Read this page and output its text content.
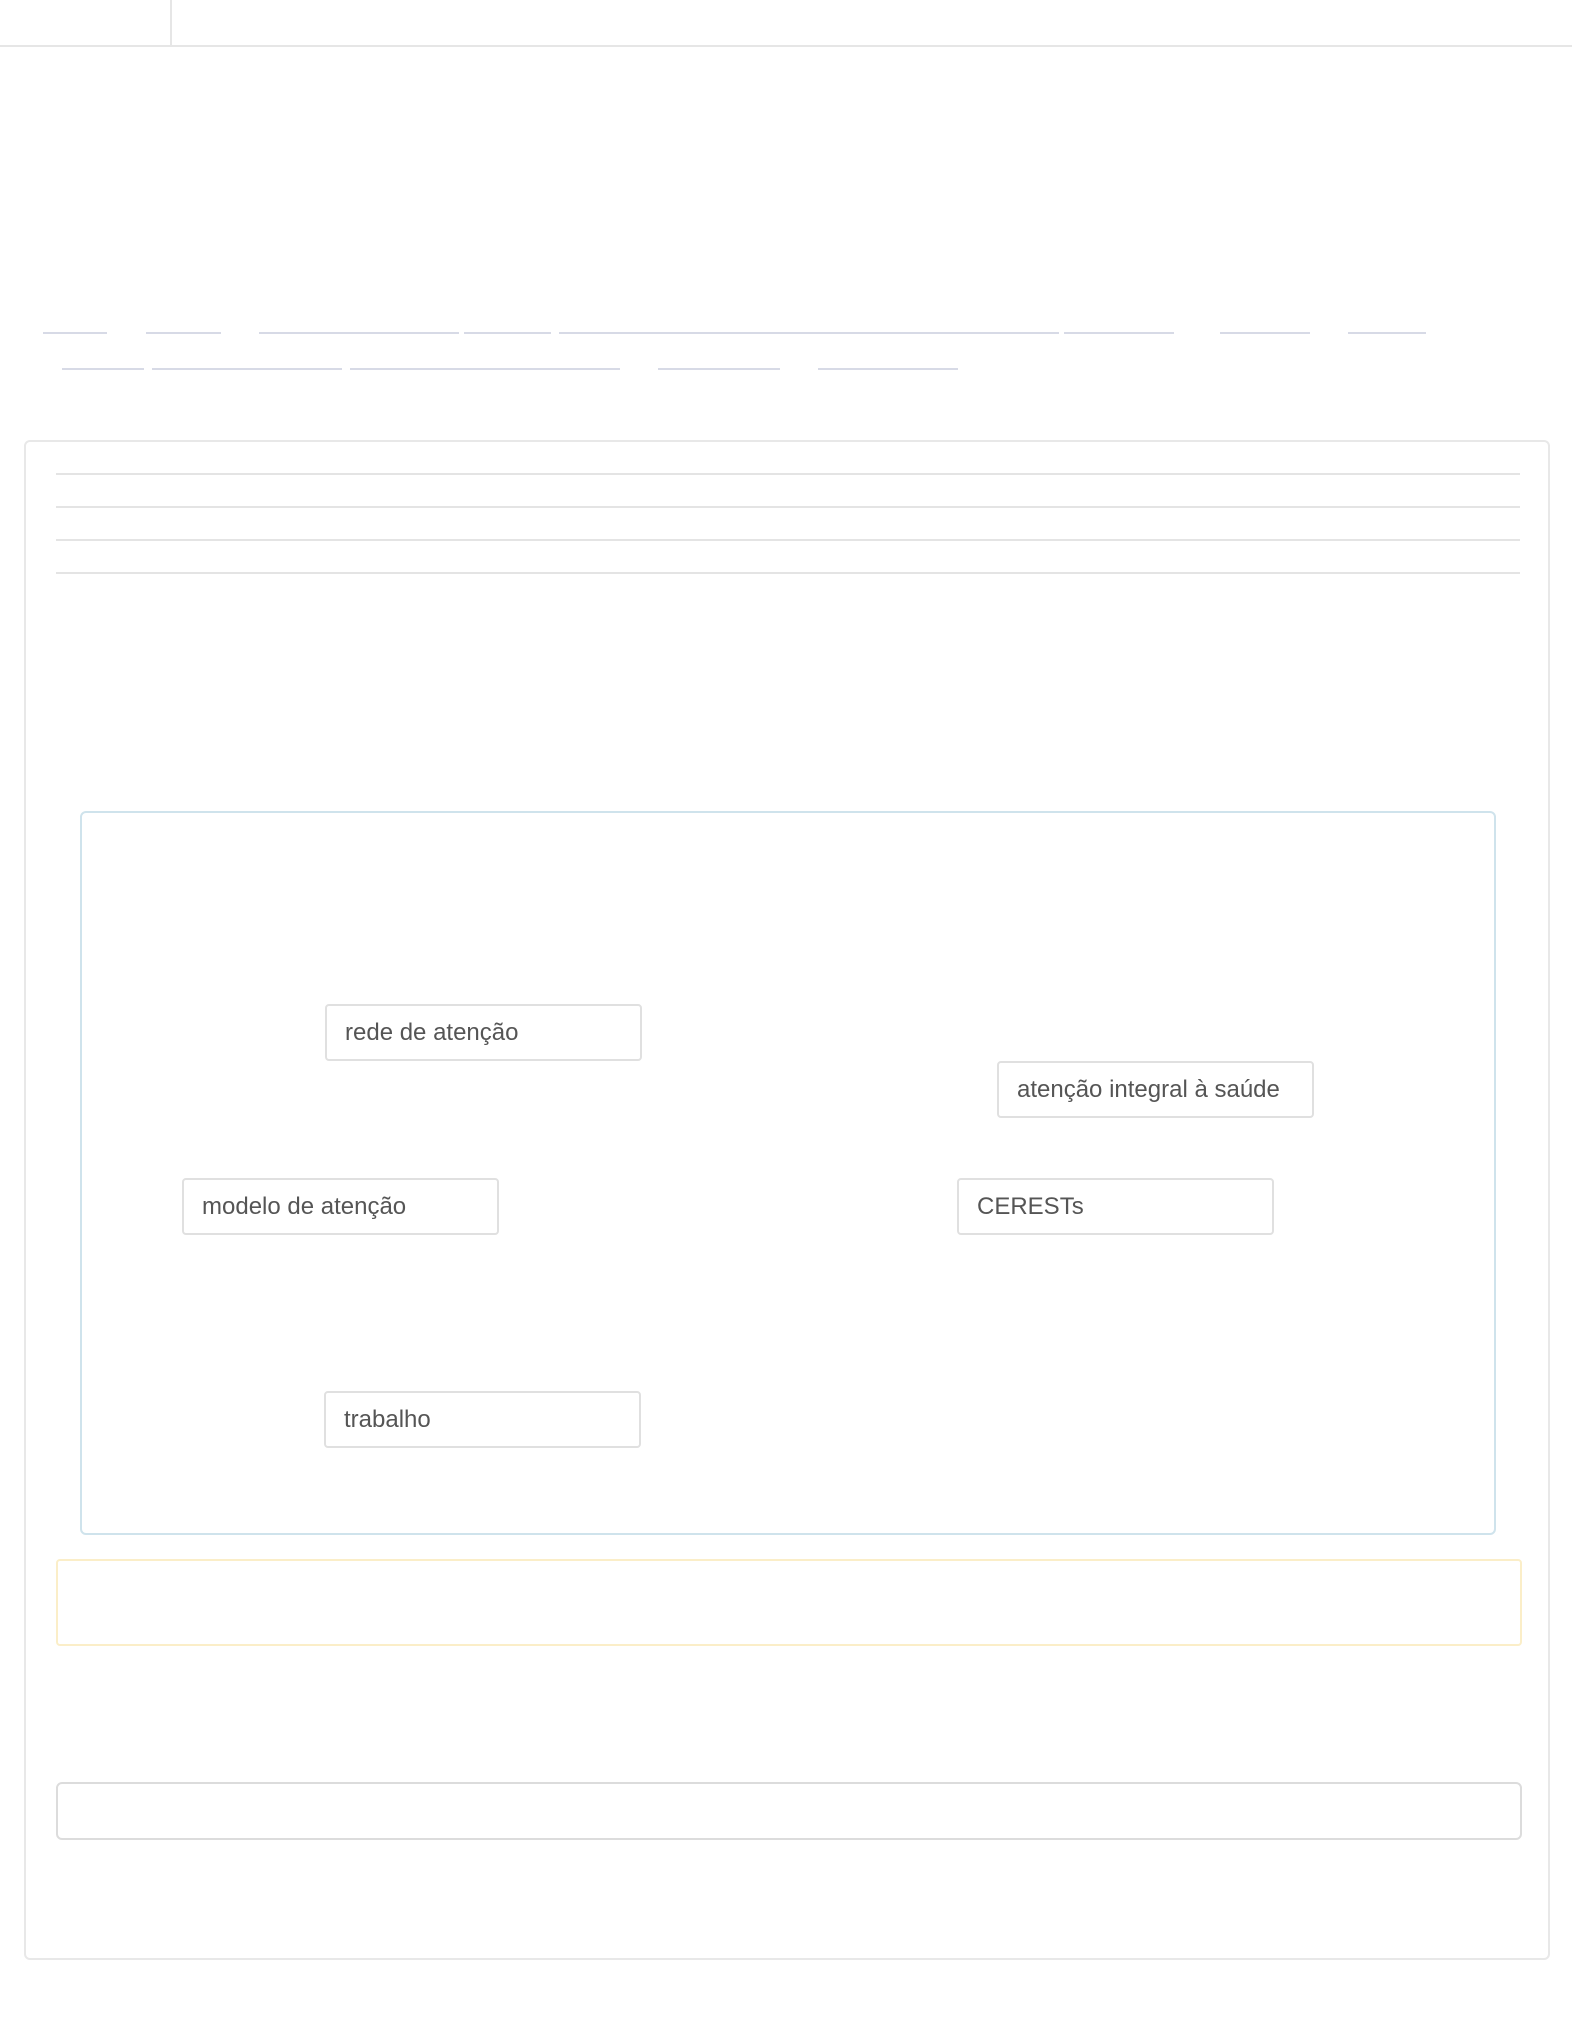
rede de atenção
atenção integral à saúde
modelo de atenção	CERESTs
trabalho
